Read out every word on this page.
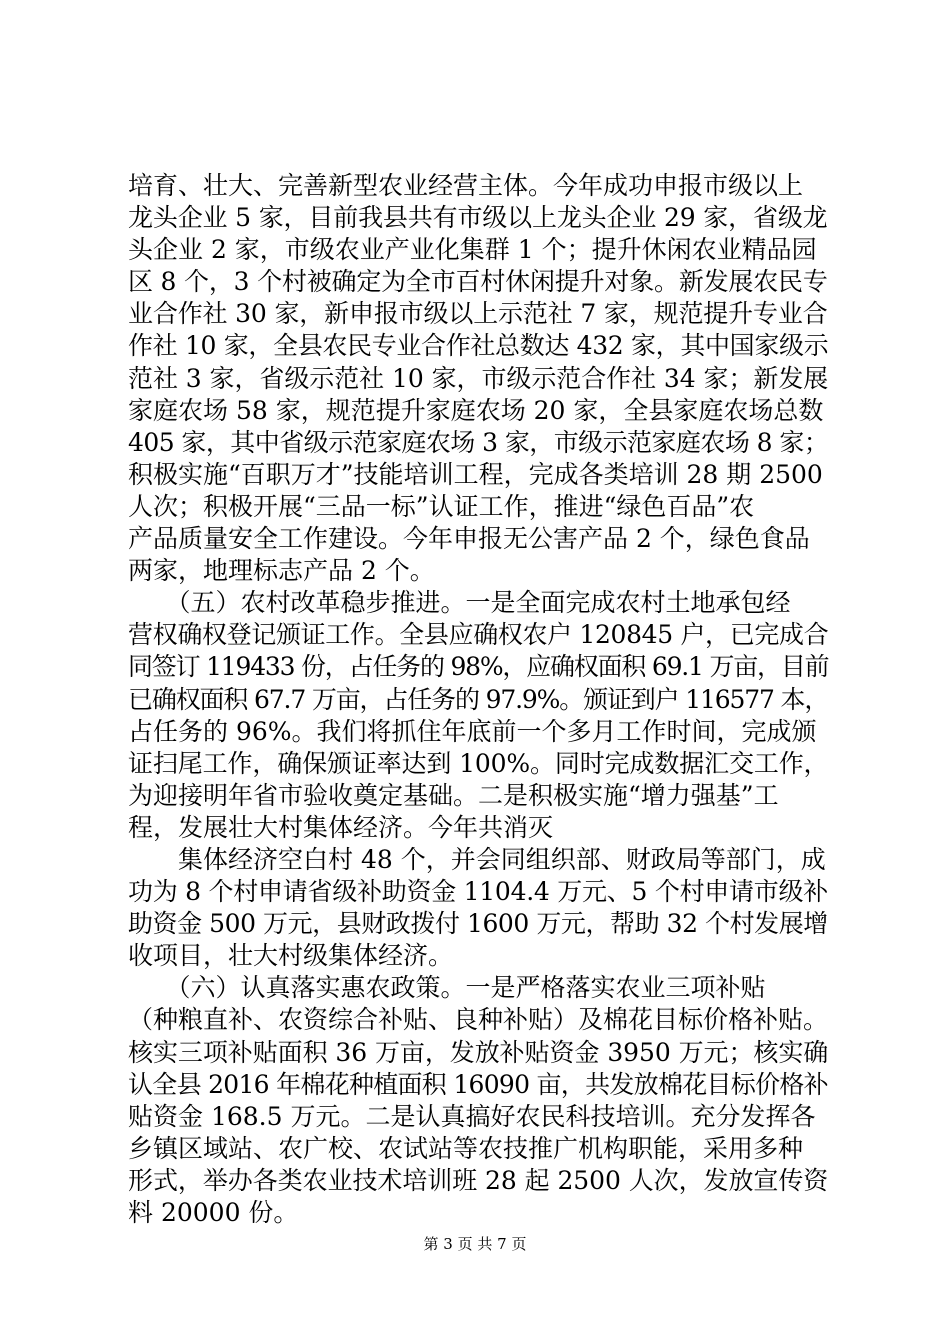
培育、壮大、完善新型农业经营主体。今年成功申报市级以上
龙头企业 5 家，目前我县共有市级以上龙头企业 29 家，省级龙
头企业 2 家，市级农业产业化集群 1 个；提升休闲农业精品园
区 8 个，3 个村被确定为全市百村休闲提升对象。新发展农民专
业合作社 30 家，新申报市级以上示范社 7 家，规范提升专业合
作社 10 家，全县农民专业合作社总数达 432 家，其中国家级示
范社 3 家，省级示范社 10 家，市级示范合作社 34 家；新发展
家庭农场 58 家，规范提升家庭农场 20 家，全县家庭农场总数
405 家，其中省级示范家庭农场 3 家，市级示范家庭农场 8 家；
积极实施“百职万才”技能培训工程，完成各类培训 28 期 2500
人次；积极开展“三品一标”认证工作，推进“绿色百品”农
产品质量安全工作建设。今年申报无公害产品 2 个，绿色食品
两家，地理标志产品 2 个。
　　（五）农村改革稳步推进。一是全面完成农村土地承包经
营权确权登记颁证工作。全县应确权农户 120845 户，已完成合
同签订 119433 份，占任务的 98%，应确权面积 69.1 万亩，目前
已确权面积 67.7 万亩，占任务的 97.9%。颁证到户 116577 本，
占任务的 96%。我们将抓住年底前一个多月工作时间，完成颁
证扫尾工作，确保颁证率达到 100%。同时完成数据汇交工作，
为迎接明年省市验收奠定基础。二是积极实施“增力强基”工
程，发展壮大村集体经济。今年共消灭
　　集体经济空白村 48 个，并会同组织部、财政局等部门，成
功为 8 个村申请省级补助资金 1104.4 万元、5 个村申请市级补
助资金 500 万元，县财政拨付 1600 万元，帮助 32 个村发展增
收项目，壮大村级集体经济。
　　（六）认真落实惠农政策。一是严格落实农业三项补贴
（种粮直补、农资综合补贴、良种补贴）及棉花目标价格补贴。
核实三项补贴面积 36 万亩，发放补贴资金 3950 万元；核实确
认全县 2016 年棉花种植面积 16090 亩，共发放棉花目标价格补
贴资金 168.5 万元。二是认真搞好农民科技培训。充分发挥各
乡镇区域站、农广校、农试站等农技推广机构职能，采用多种
形式，举办各类农业技术培训班 28 起 2500 人次，发放宣传资
料 20000 份。
第 3 页 共 7 页
